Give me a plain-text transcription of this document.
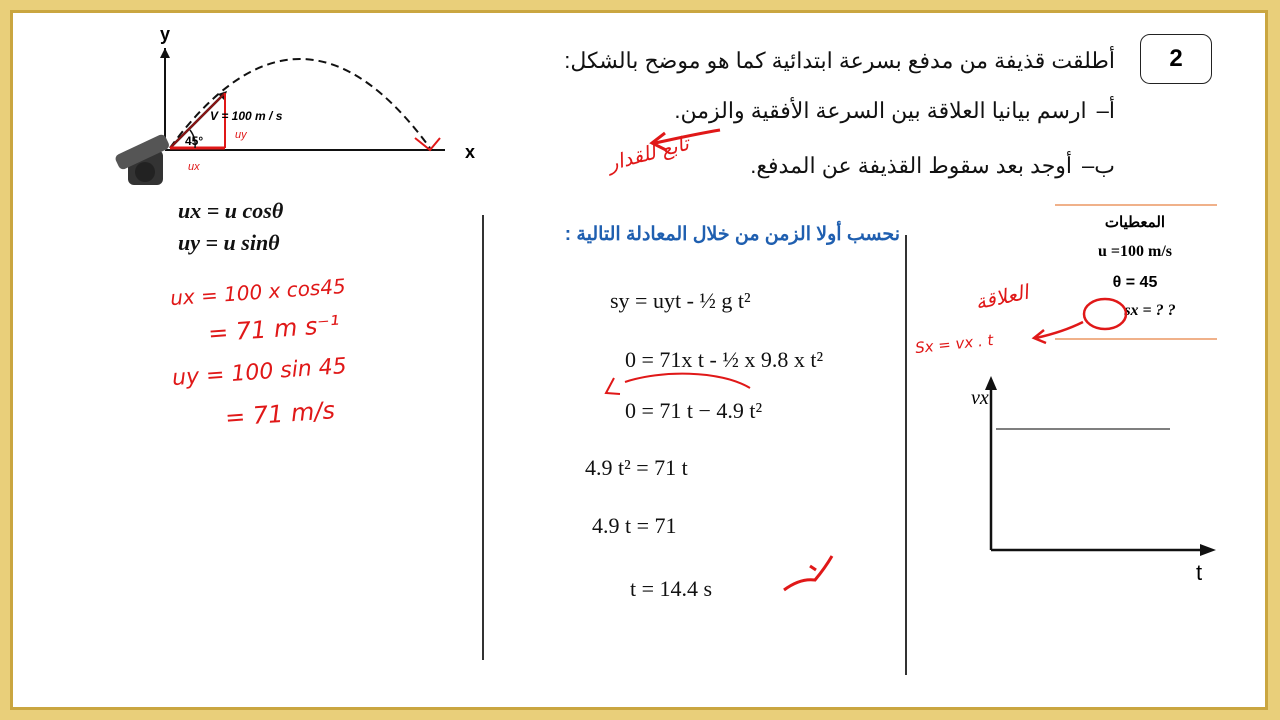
2
أطلقت قذيفة من مدفع بسرعة ابتدائية كما هو موضح بالشكل:
أ–
ارسم بيانيا العلاقة بين السرعة الأفقية والزمن.
ب–
أوجد بعد سقوط القذيفة عن المدفع.
تابع للقدار
y
x
45°
V = 100 m / s
uy
ux
ux = u cosθ
uy = u sinθ
ux = 100 x cos45
= 71 m s⁻¹
uy = 100 sin 45
= 71 m/s
نحسب أولا الزمن من خلال المعادلة التالية :
sy = uyt - ½ g t²
0 = 71x t - ½ x 9.8 x t²
0 = 71 t − 4.9 t²
4.9 t² = 71 t
4.9 t = 71
t = 14.4 s
المعطيات
u =100 m/s
θ = 45
sx = ? ?
العلاقة
Sx = vx . t
vx
t
